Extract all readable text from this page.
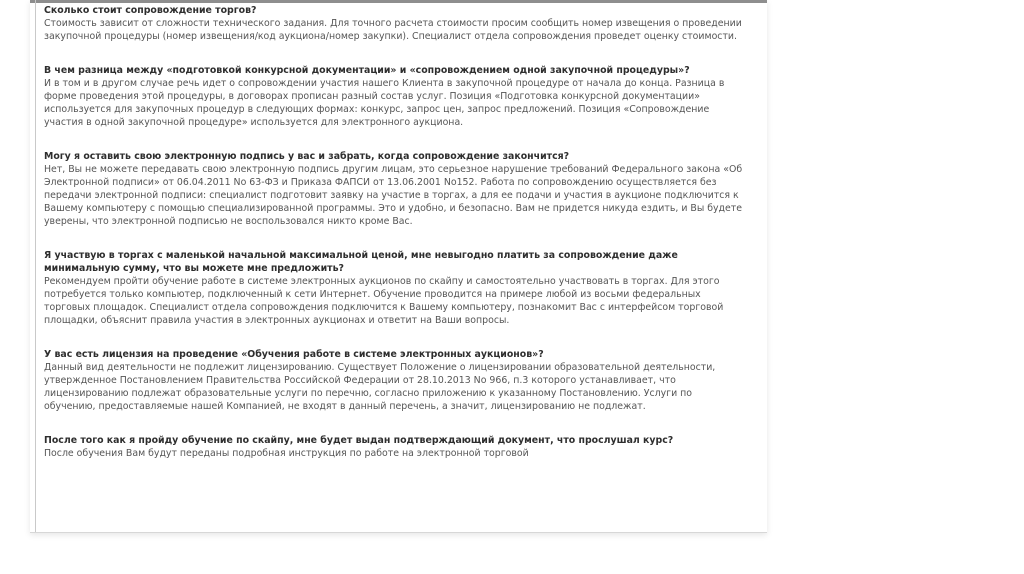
Сколько стоит сопровождение торгов?

Стоимость зависит от сложности технического задания. Для точного расчета стоимости просим сообщить номер извещения о проведении закупочной процедуры (номер извещения/код аукциона/номер закупки). Специалист отдела сопровождения проведет оценку стоимости.

В чем разница между «подготовкой конкурсной документации» и «сопровождением одной закупочной процедуры»?

И в том и в другом случае речь идет о сопровождении участия нашего Клиента в закупочной процедуре от начала до конца. Разница в форме проведения этой процедуры, в договорах прописан разный состав услуг. Позиция «Подготовка конкурсной документации» используется для закупочных процедур в следующих формах: конкурс, запрос цен, запрос предложений. Позиция «Сопровождение участия в одной закупочной процедуре» используется для электронного аукциона.

Могу я оставить свою электронную подпись у вас и забрать, когда сопровождение закончится?

Нет, Вы не можете передавать свою электронную подпись другим лицам, это серьезное нарушение требований Федерального закона «Об Электронной подписи» от 06.04.2011 No 63-ФЗ и Приказа ФАПСИ от 13.06.2001 No152. Работа по сопровождению осуществляется без передачи электронной подписи: специалист подготовит заявку на участие в торгах, а для ее подачи и участия в аукционе подключится к Вашему компьютеру с помощью специализированной программы. Это и удобно, и безопасно. Вам не придется никуда ездить, и Вы будете уверены, что электронной подписью не воспользовался никто кроме Вас.

Я участвую в торгах с маленькой начальной максимальной ценой, мне невыгодно платить за сопровождение даже минимальную сумму, что вы можете мне предложить?

Рекомендуем пройти обучение работе в системе электронных аукционов по скайпу и самостоятельно участвовать в торгах. Для этого потребуется только компьютер, подключенный к сети Интернет. Обучение проводится на примере любой из восьми федеральных торговых площадок. Специалист отдела сопровождения подключится к Вашему компьютеру, познакомит Вас с интерфейсом торговой площадки, объяснит правила участия в электронных аукционах и ответит на Ваши вопросы.

У вас есть лицензия на проведение «Обучения работе в системе электронных аукционов»?

Данный вид деятельности не подлежит лицензированию. Существует Положение о лицензировании образовательной деятельности, утвержденное Постановлением Правительства Российской Федерации от 28.10.2013 No 966, п.3 которого устанавливает, что лицензированию подлежат образовательные услуги по перечню, согласно приложению к указанному Постановлению. Услуги по обучению, предоставляемые нашей Компанией, не входят в данный перечень, а значит, лицензированию не подлежат.

После того как я пройду обучение по скайпу, мне будет выдан подтверждающий документ, что прослушал курс?

После обучения Вам будут переданы подробная инструкция по работе на электронной торговой
